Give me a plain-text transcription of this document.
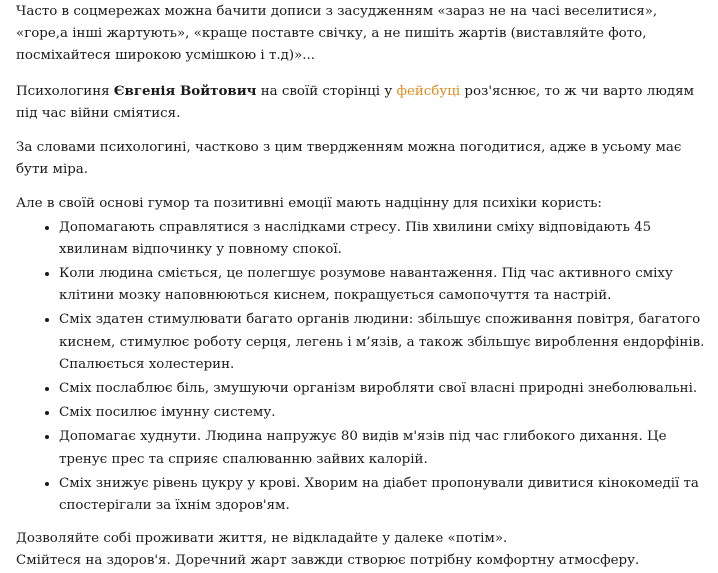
Часто в соцмережах можна бачити дописи з засудженням «зараз не на часі веселитися», «горе,а інші жартують», «краще поставте свічку, а не пишіть жартів (виставляйте фото, посміхайтеся широкою усмішкою і т.д)»...

Психологиня Євгенія Войтович на своїй сторінці у фейсбуці роз'яснює, то ж чи варто людям під час війни сміятися.

За словами психологині, частково з цим твердженням можна погодитися, адже в усьому має бути міра.

Але в своїй основі гумор та позитивні емоції мають надцінну для психіки користь:

• Допомагають справлятися з наслідками стресу. Пів хвилини сміху відповідають 45 хвилинам відпочинку у повному спокої.
• Коли людина сміється, це полегшує розумове навантаження. Під час активного сміху клітини мозку наповнюються киснем, покращується самопочуття та настрій.
• Сміх здатен стимулювати багато органів людини: збільшує споживання повітря, багатого киснем, стимулює роботу серця, легень і м’язів, а також збільшує вироблення ендорфінів. Спалюється холестерин.
• Сміх послаблює біль, змушуючи організм виробляти свої власні природні знеболювальні.
• Сміх посилює імунну систему.
• Допомагає худнути. Людина напружує 80 видів м'язів під час глибокого дихання. Це тренує прес та сприяє спалюванню зайвих калорій.
• Сміх знижує рівень цукру у крові. Хворим на діабет пропонували дивитися кінокомедії та спостерігали за їхнім здоров'ям.

Дозволяйте собі проживати життя, не відкладайте у далеке «потім».

Смійтеся на здоров'я. Доречний жарт завжди створює потрібну комфортну атмосферу.
